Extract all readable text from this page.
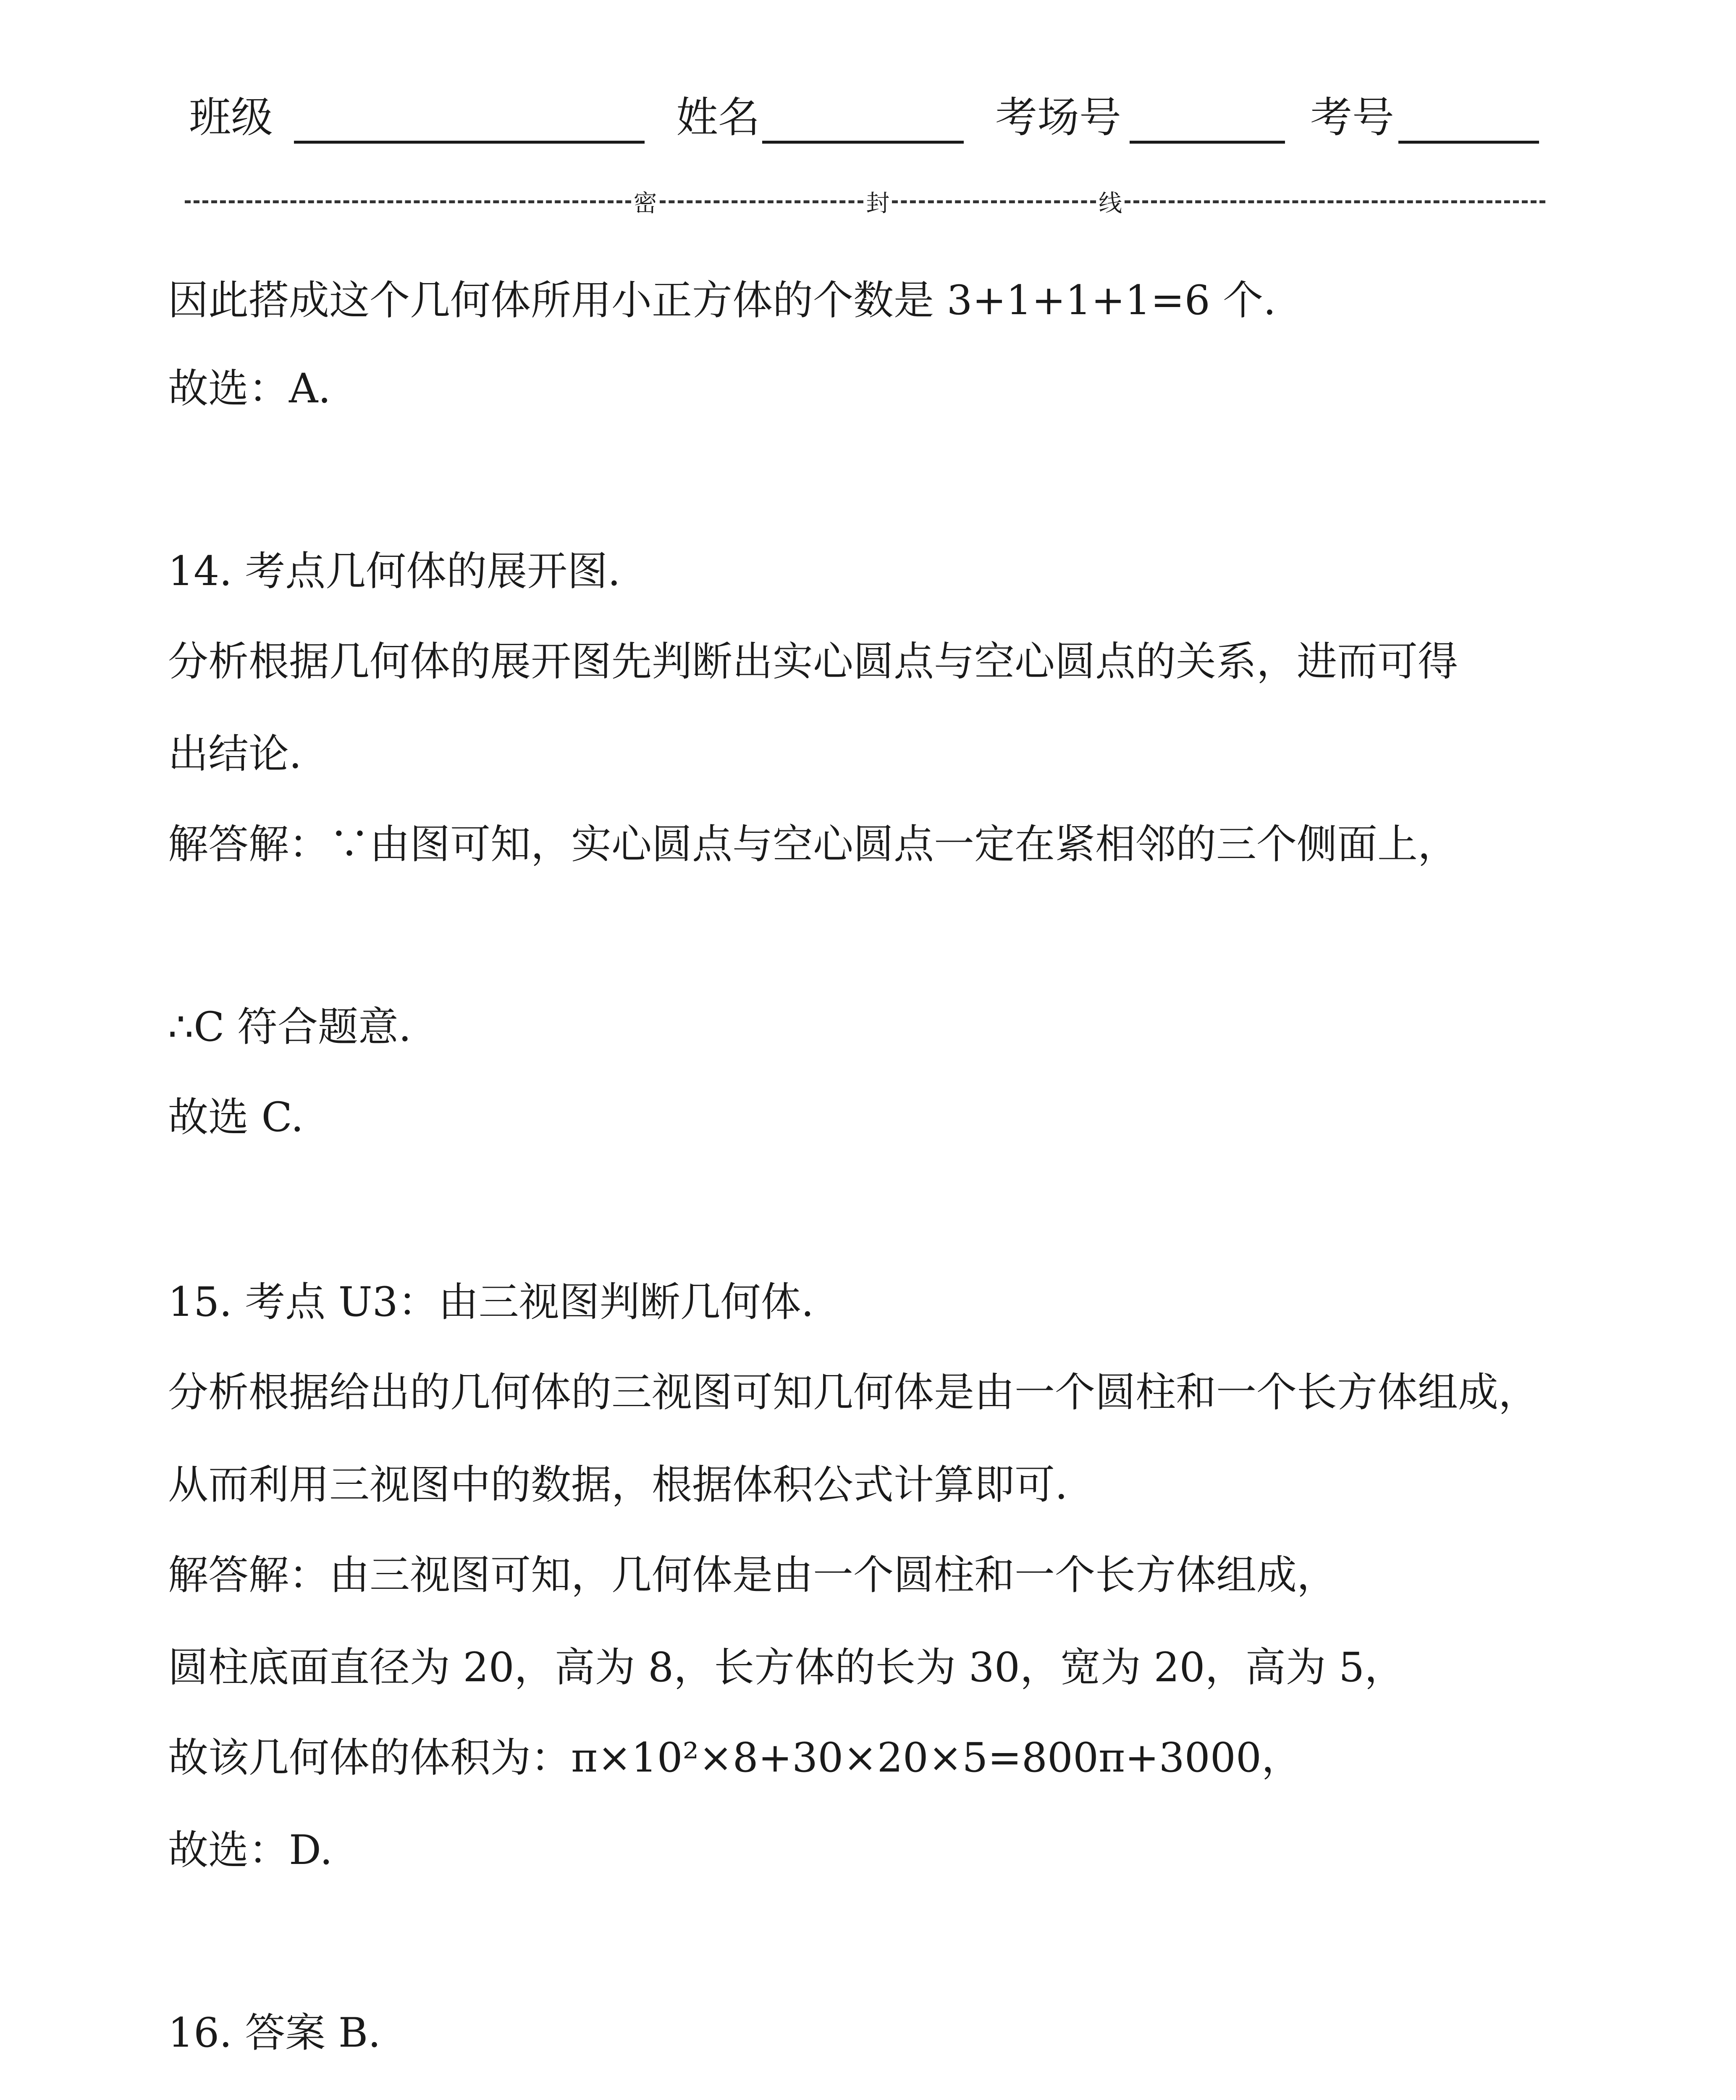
班级	姓名	考场号	考号
密	封	线
因此搭成这个几何体所用小正方体的个数是 3+1+1+1=6 个.
故选：A.
14. 考点几何体的展开图.
分析根据几何体的展开图先判断出实心圆点与空心圆点的关系，进而可得
出结论.
解答解：∵由图可知，实心圆点与空心圆点一定在紧相邻的三个侧面上，
∴C 符合题意.
故选 C.
15. 考点 U3：由三视图判断几何体.
分析根据给出的几何体的三视图可知几何体是由一个圆柱和一个长方体组成，
从而利用三视图中的数据，根据体积公式计算即可.
解答解：由三视图可知，几何体是由一个圆柱和一个长方体组成，
圆柱底面直径为 20，高为 8，长方体的长为 30，宽为 20，高为 5，
故该几何体的体积为：π×10²×8+30×20×5=800π+3000，
故选：D.
16. 答案 B.
